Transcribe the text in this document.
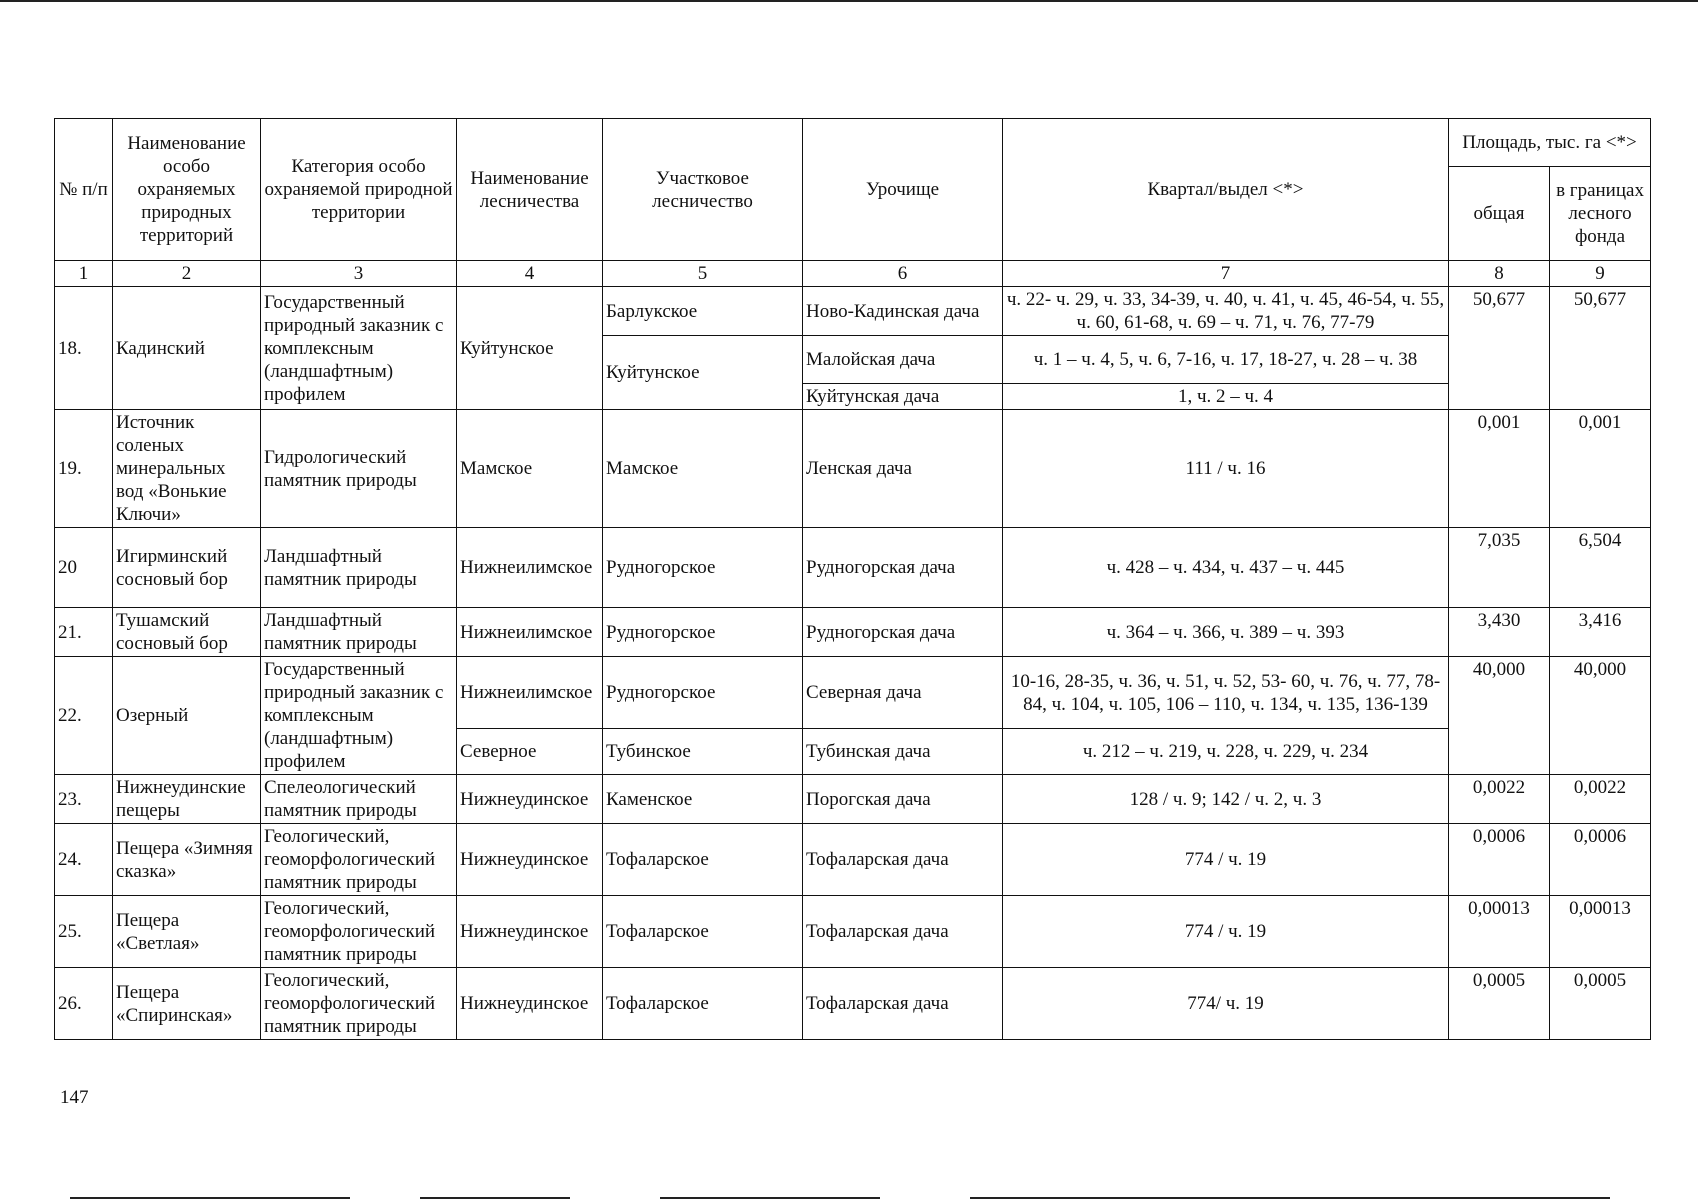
№ п/п	Наименование особо охраняемых природных территорий	Категория особо охраняемой природной территории	Наименование лесничества	Участковое лесничество	Урочище	Квартал/выдел <*>	Площадь, тыс. га <*>	
							общая	в границах лесного фонда
1	2	3	4	5	6	7	8	9
18.	Кадинский	Государственный природный заказник с комплексным (ландшафтным) профилем	Куйтунское	Барлукское	Ново-Кадинская дача	ч. 22- ч. 29, ч. 33, 34-39, ч. 40, ч. 41, ч. 45, 46-54, ч. 55, ч. 60, 61-68, ч. 69 – ч. 71, ч. 76, 77-79	50,677	50,677
				Куйтунское	Малойская дача	ч. 1 – ч. 4, 5, ч. 6, 7-16, ч. 17, 18-27, ч. 28 – ч. 38		
					Куйтунская дача	1, ч. 2 – ч. 4		
19.	Источник соленых минеральных вод «Вонькие Ключи»	Гидрологический памятник природы	Мамское	Мамское	Ленская дача	111 / ч. 16	0,001	0,001
20	Игирминский сосновый бор	Ландшафтный памятник природы	Нижнеилимское	Рудногорское	Рудногорская дача	ч. 428 – ч. 434, ч. 437 – ч. 445	7,035	6,504
21.	Тушамский сосновый бор	Ландшафтный памятник природы	Нижнеилимское	Рудногорское	Рудногорская дача	ч. 364 – ч. 366, ч. 389 – ч. 393	3,430	3,416
22.	Озерный	Государственный природный заказник с комплексным (ландшафтным) профилем	Нижнеилимское	Рудногорское	Северная дача	10-16, 28-35, ч. 36, ч. 51, ч. 52, 53- 60, ч. 76, ч. 77, 78-84, ч. 104, ч. 105, 106 – 110, ч. 134, ч. 135, 136-139	40,000	40,000
			Северное	Тубинское	Тубинская дача	ч. 212 – ч. 219, ч. 228, ч. 229, ч. 234		
23.	Нижнеудинские пещеры	Спелеологический памятник природы	Нижнеудинское	Каменское	Порогская дача	128 / ч. 9; 142 / ч. 2, ч. 3	0,0022	0,0022
24.	Пещера «Зимняя сказка»	Геологический, геоморфологический памятник природы	Нижнеудинское	Тофаларское	Тофаларская дача	774 / ч. 19	0,0006	0,0006
25.	Пещера «Светлая»	Геологический, геоморфологический памятник природы	Нижнеудинское	Тофаларское	Тофаларская дача	774 / ч. 19	0,00013	0,00013
26.	Пещера «Спиринская»	Геологический, геоморфологический памятник природы	Нижнеудинское	Тофаларское	Тофаларская дача	774/ ч. 19	0,0005	0,0005
147
